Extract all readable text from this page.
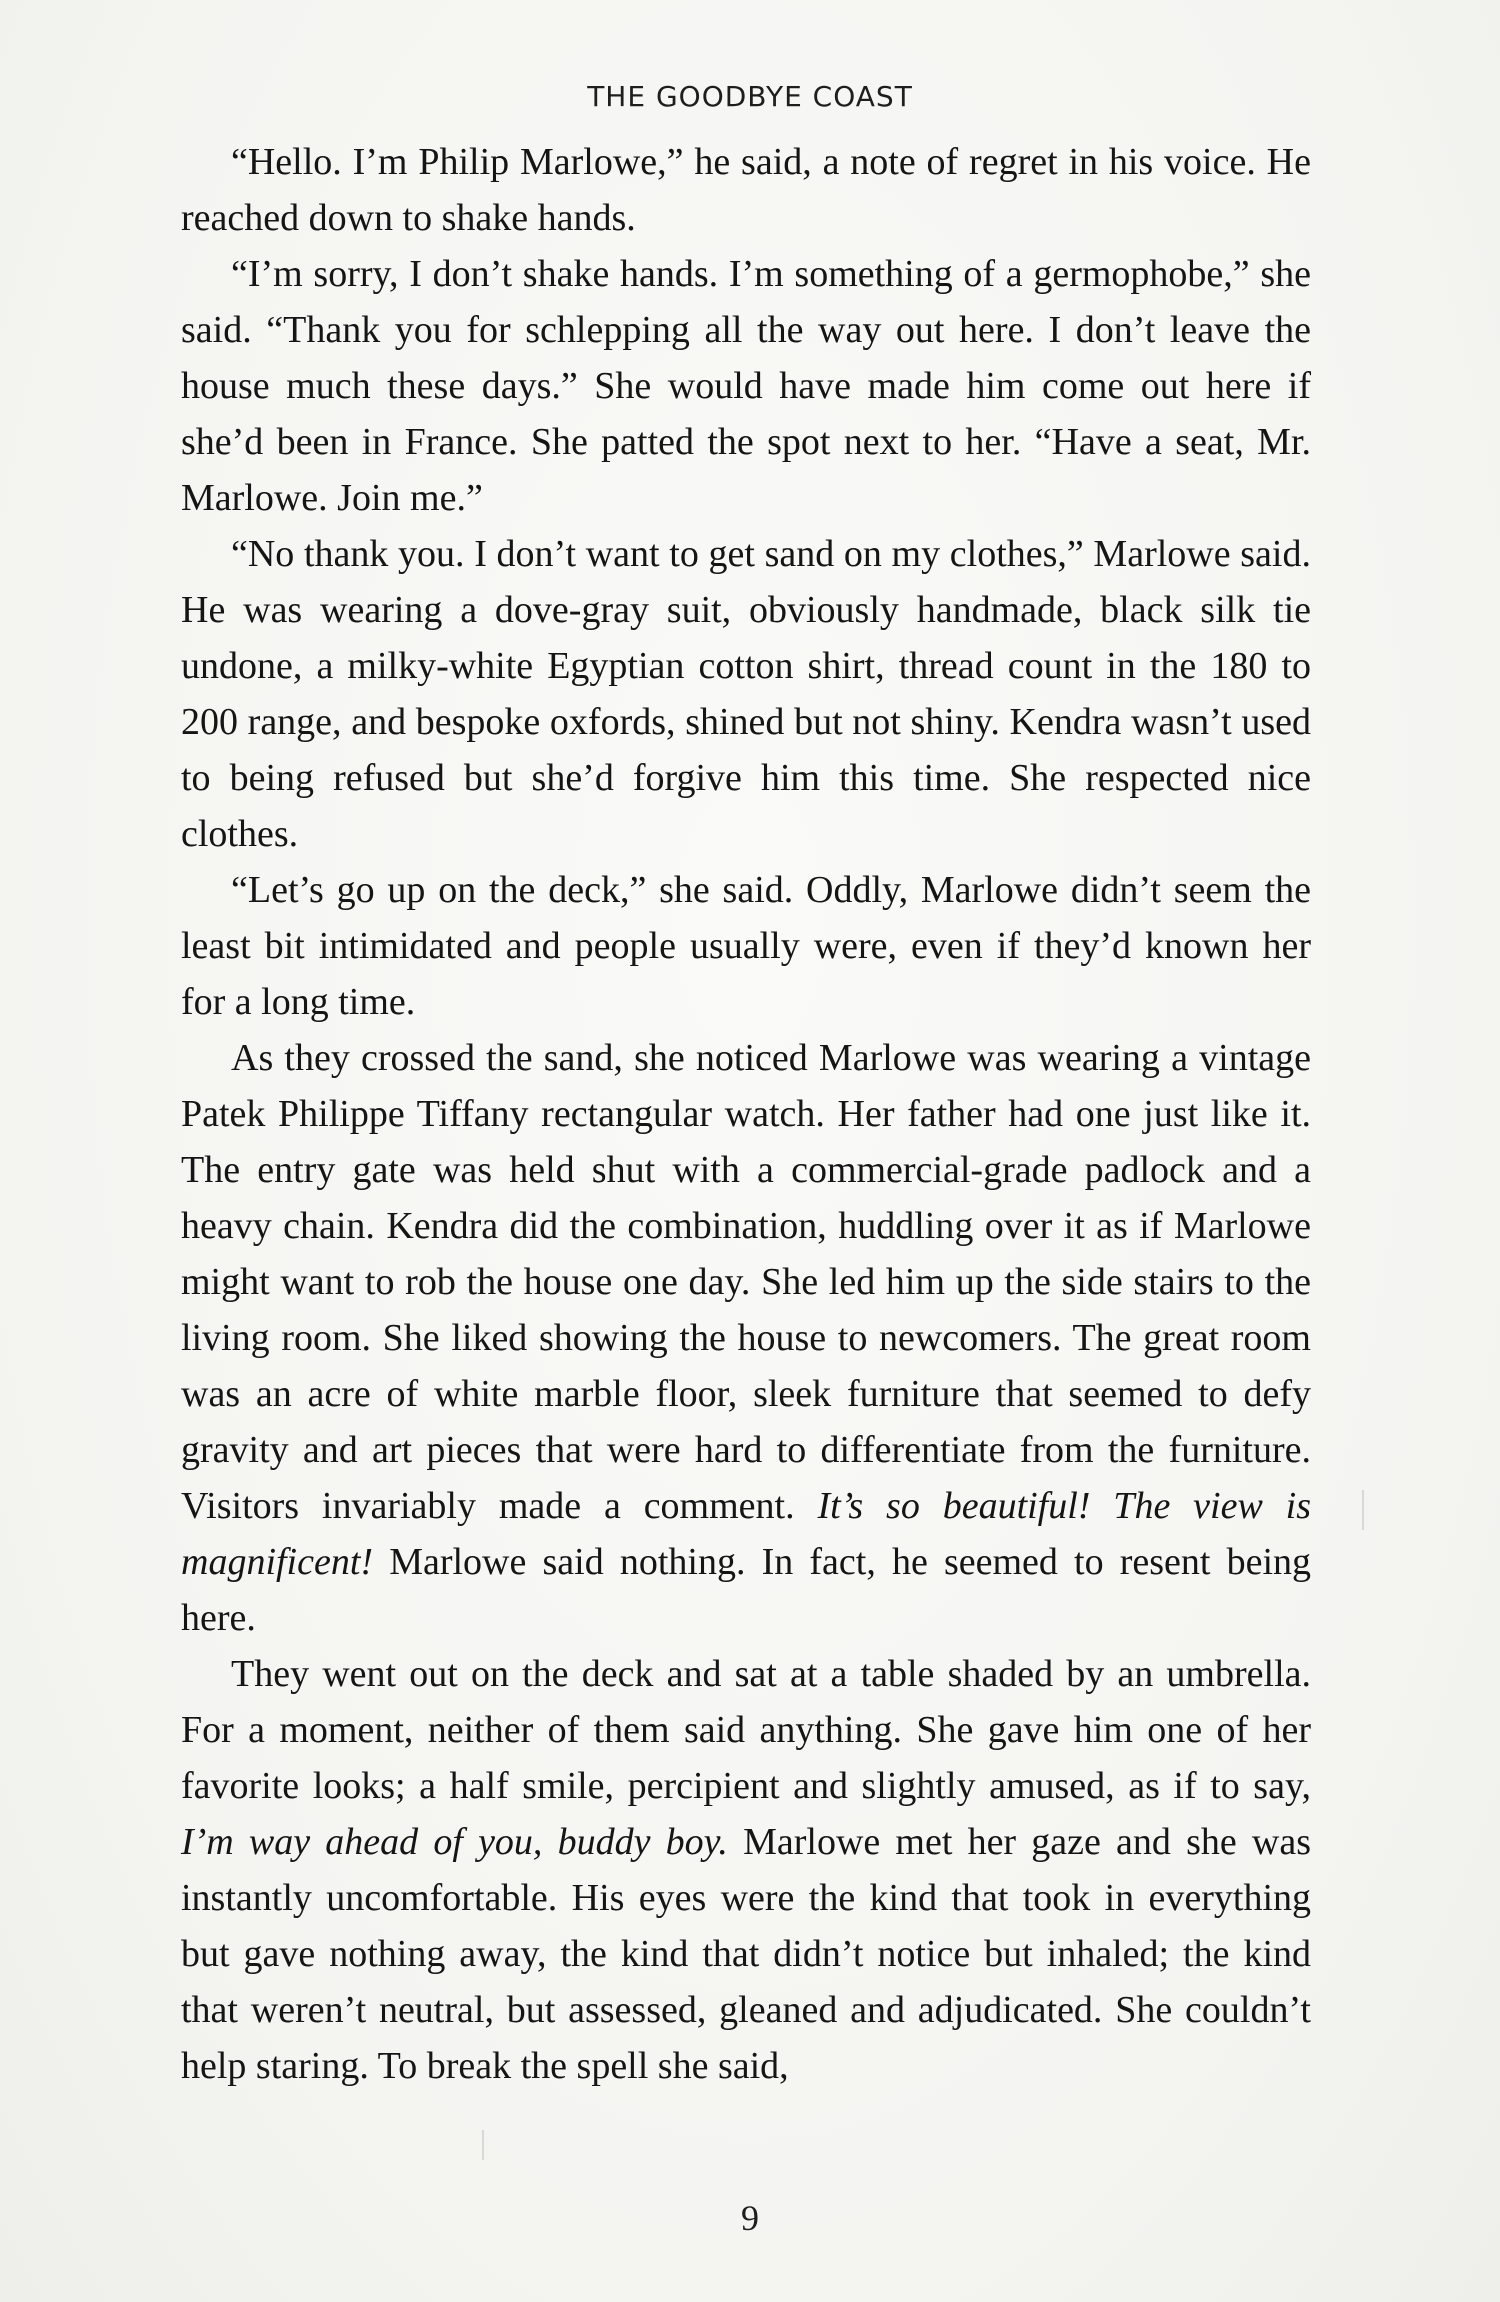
THE GOODBYE COAST

“Hello. I’m Philip Marlowe,” he said, a note of regret in his voice. He reached down to shake hands.

“I’m sorry, I don’t shake hands. I’m something of a germophobe,” she said. “Thank you for schlepping all the way out here. I don’t leave the house much these days.” She would have made him come out here if she’d been in France. She patted the spot next to her. “Have a seat, Mr. Marlowe. Join me.”

“No thank you. I don’t want to get sand on my clothes,” Marlowe said. He was wearing a dove-gray suit, obviously handmade, black silk tie undone, a milky-white Egyptian cotton shirt, thread count in the 180 to 200 range, and bespoke oxfords, shined but not shiny. Kendra wasn’t used to being refused but she’d forgive him this time. She respected nice clothes.

“Let’s go up on the deck,” she said. Oddly, Marlowe didn’t seem the least bit intimidated and people usually were, even if they’d known her for a long time.

As they crossed the sand, she noticed Marlowe was wearing a vintage Patek Philippe Tiffany rectangular watch. Her father had one just like it. The entry gate was held shut with a commercial-grade padlock and a heavy chain. Kendra did the combination, huddling over it as if Marlowe might want to rob the house one day. She led him up the side stairs to the living room. She liked showing the house to newcomers. The great room was an acre of white marble floor, sleek furniture that seemed to defy gravity and art pieces that were hard to differentiate from the furniture. Visitors invariably made a comment. It’s so beautiful! The view is magnificent! Marlowe said nothing. In fact, he seemed to resent being here.

They went out on the deck and sat at a table shaded by an umbrella. For a moment, neither of them said anything. She gave him one of her favorite looks; a half smile, percipient and slightly amused, as if to say, I’m way ahead of you, buddy boy. Marlowe met her gaze and she was instantly uncomfortable. His eyes were the kind that took in everything but gave nothing away, the kind that didn’t notice but inhaled; the kind that weren’t neutral, but assessed, gleaned and adjudicated. She couldn’t help staring. To break the spell she said,

9
